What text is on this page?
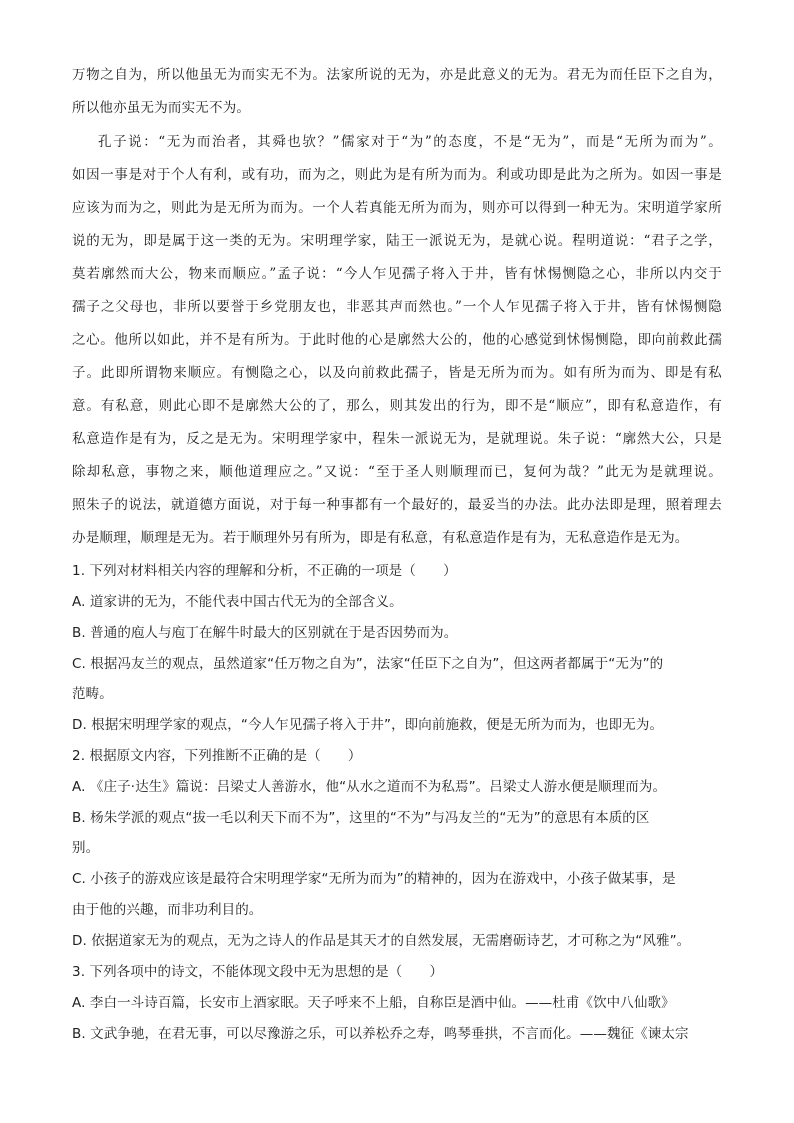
万物之自为，所以他虽无为而实无不为。法家所说的无为，亦是此意义的无为。君无为而任臣下之自为，
所以他亦虽无为而实无不为。
孔子说：“无为而治者，其舜也欤？”儒家对于“为”的态度，不是“无为”，而是“无所为而为”。
如因一事是对于个人有利，或有功，而为之，则此为是有所为而为。利或功即是此为之所为。如因一事是
应该为而为之，则此为是无所为而为。一个人若真能无所为而为，则亦可以得到一种无为。宋明道学家所
说的无为，即是属于这一类的无为。宋明理学家，陆王一派说无为，是就心说。程明道说：“君子之学，
莫若廓然而大公，物来而顺应。”孟子说：“今人乍见孺子将入于井，皆有怵惕恻隐之心，非所以内交于
孺子之父母也，非所以要誉于乡党朋友也，非恶其声而然也。”一个人乍见孺子将入于井，皆有怵惕恻隐
之心。他所以如此，并不是有所为。于此时他的心是廓然大公的，他的心感觉到怵惕恻隐，即向前救此孺
子。此即所谓物来顺应。有恻隐之心，以及向前救此孺子，皆是无所为而为。如有所为而为、即是有私
意。有私意，则此心即不是廓然大公的了，那么，则其发出的行为，即不是“顺应”，即有私意造作，有
私意造作是有为，反之是无为。宋明理学家中，程朱一派说无为，是就理说。朱子说：“廓然大公，只是
除却私意，事物之来，顺他道理应之。”又说：“至于圣人则顺理而已，复何为哉？”此无为是就理说。
照朱子的说法，就道德方面说，对于每一种事都有一个最好的，最妥当的办法。此办法即是理，照着理去
办是顺理，顺理是无为。若于顺理外另有所为，即是有私意，有私意造作是有为，无私意造作是无为。
1. 下列对材料相关内容的理解和分析，不正确的一项是（　　）
A. 道家讲的无为，不能代表中国古代无为的全部含义。
B. 普通的庖人与庖丁在解牛时最大的区别就在于是否因势而为。
C. 根据冯友兰的观点，虽然道家“任万物之自为”，法家“任臣下之自为”，但这两者都属于“无为”的
范畴。
D. 根据宋明理学家的观点，“今人乍见孺子将入于井”，即向前施救，便是无所为而为，也即无为。
2. 根据原文内容，下列推断不正确的是（　　）
A. 《庄子·达生》篇说：吕梁丈人善游水，他“从水之道而不为私焉”。吕梁丈人游水便是顺理而为。
B. 杨朱学派的观点“拔一毛以利天下而不为”，这里的“不为”与冯友兰的“无为”的意思有本质的区
别。
C. 小孩子的游戏应该是最符合宋明理学家“无所为而为”的精神的，因为在游戏中，小孩子做某事，是
由于他的兴趣，而非功利目的。
D. 依据道家无为的观点，无为之诗人的作品是其天才的自然发展，无需磨砺诗艺，才可称之为“风雅”。
3. 下列各项中的诗文，不能体现文段中无为思想的是（　　）
A. 李白一斗诗百篇，长安市上酒家眠。天子呼来不上船，自称臣是酒中仙。——杜甫《饮中八仙歌》
B. 文武争驰，在君无事，可以尽豫游之乐，可以养松乔之寿，鸣琴垂拱，不言而化。——魏征《谏太宗
